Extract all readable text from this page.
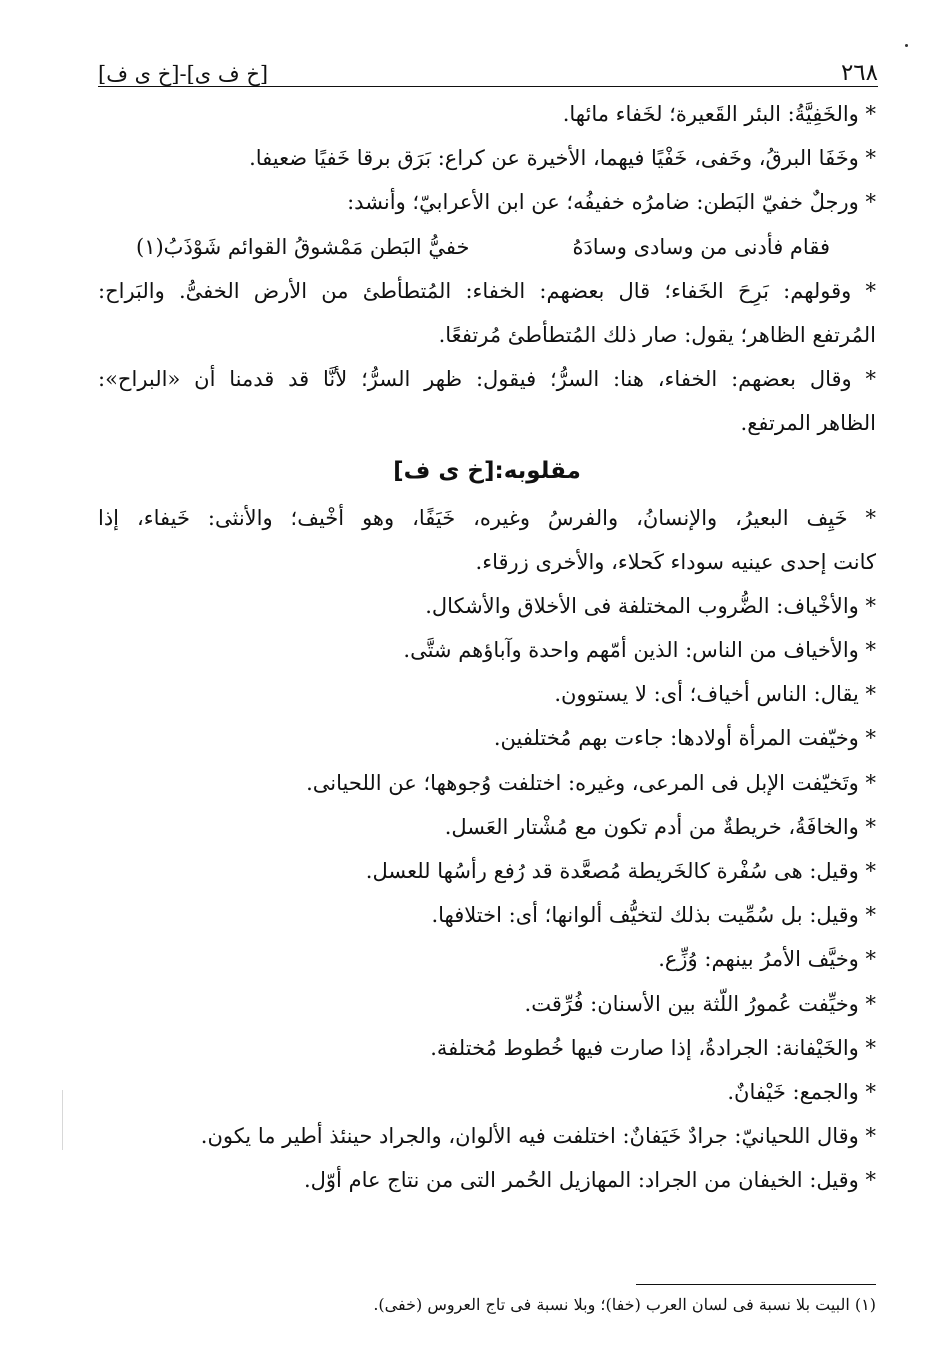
٢٦٨
[خ ف ى]-[خ ى ف]
* والخَفِيَّةُ: البئر القَعيرة؛ لخَفاء مائها.
* وخَفَا البرقُ، وخَفى، خَفْيًا فيهما، الأخيرة عن كراع: بَرَق برقا خَفيًا ضعيفا.
* ورجلٌ خفيّ البَطن: ضامرُه خفيفُه؛ عن ابن الأعرابيّ؛ وأنشد:
فقام فأدنى من وسادى وسادَهُ
خفيُّ البَطن مَمْشوقُ القوائم شَوْذَبُ(١)
* وقولهم: بَرِحَ الخَفاء؛ قال بعضهم: الخفاء: المُتطأطئ من الأرض الخفىُّ. والبَراح:
المُرتفع الظاهر؛ يقول: صار ذلك المُتطأطئ مُرتفعًا.
* وقال بعضهم: الخفاء، هنا: السرُّ؛ فيقول: ظهر السرُّ؛ لأنَّا قد قدمنا أن «البراح»:
الظاهر المرتفع.
مقلوبه:[خ ى ف]
* خَيِف البعيرُ، والإنسانُ، والفرسُ وغيره، خَيَفًا، وهو أخْيف؛ والأنثى: خَيفاء، إذا
كانت إحدى عينيه سوداء كَحلاء، والأخرى زرقاء.
* والأخْياف: الضُّروب المختلفة فى الأخلاق والأشكال.
* والأخياف من الناس: الذين أمّهم واحدة وآباؤهم شتَّى.
* يقال: الناس أخياف؛ أى: لا يستوون.
* وخيّفت المرأة أولادها: جاءت بهم مُختلفين.
* وتَخيّفت الإبل فى المرعى، وغيره: اختلفت وُجوهها؛ عن اللحيانى.
* والخافَةُ، خريطةٌ من أدم تكون مع مُشْتار العَسل.
* وقيل: هى سُفْرة كالخَريطة مُصعَّدة قد رُفع رأسُها للعسل.
* وقيل: بل سُمِّيت بذلك لتخيُّف ألوانها؛ أى: اختلافها.
* وخيَّف الأمرُ بينهم: وُزِّع.
* وخيِّفت عُمورُ اللّثة بين الأسنان: فُرِّقت.
* والخَيْفانة: الجرادةُ، إذا صارت فيها خُطوط مُختلفة.
* والجمع: خَيْفانٌ.
* وقال اللحيانيّ: جرادٌ خَيَفانٌ: اختلفت فيه الألوان، والجراد حينئذ أطير ما يكون.
* وقيل: الخيفان من الجراد: المهازيل الحُمر التى من نتاج عام أوّل.
(١) البيت بلا نسبة فى لسان العرب (خفا)؛ وبلا نسبة فى تاج العروس (خفى).
